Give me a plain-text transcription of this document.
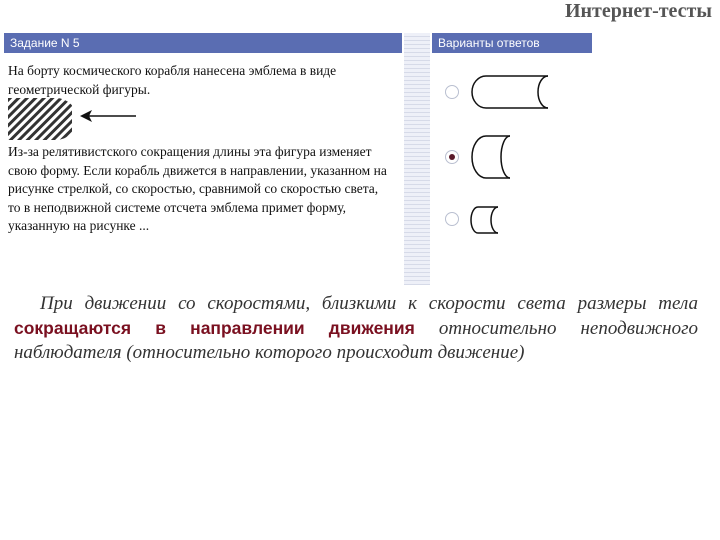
Интернет-тесты
Задание N 5	Варианты ответов
На борту космического корабля нанесена эмблема в виде геометрической фигуры.
Из-за релятивистского сокращения длины эта фигура изменяет свою форму. Если корабль движется в направлении, указанном на рисунке стрелкой, со скоростью, сравнимой со скоростью света, то в неподвижной системе отсчета эмблема примет форму, указанную на рисунке ...
При движении со скоростями, близкими к скорости света размеры тела сокращаются в направлении движения относительно неподвижного наблюдателя (относительно которого происходит движение)
